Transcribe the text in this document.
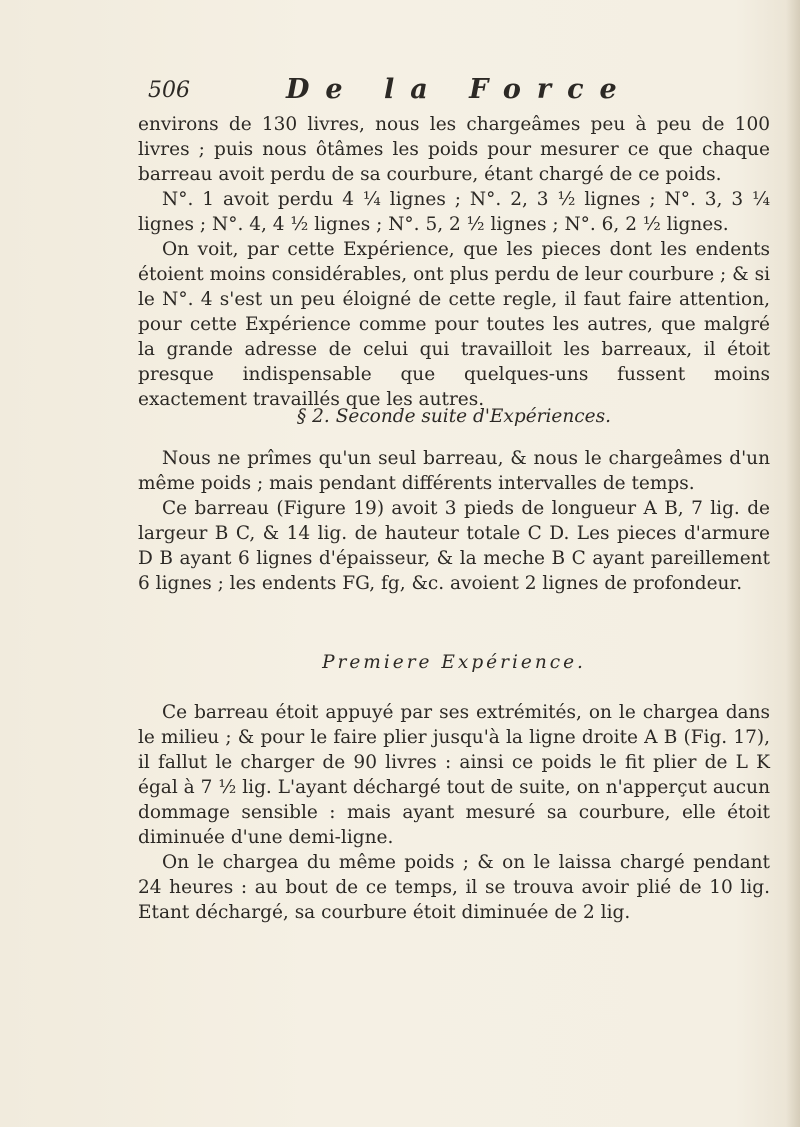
506	De la Force

environs de 130 livres, nous les chargeâmes peu à peu de 100 livres ; puis nous ôtâmes les poids pour mesurer ce que chaque barreau avoit perdu de sa courbure, étant chargé de ce poids.

N°. 1 avoit perdu 4 ¼ lignes ; N°. 2, 3 ½ lignes ; N°. 3, 3 ¼ lignes ; N°. 4, 4 ½ lignes ; N°. 5, 2 ½ lignes ; N°. 6, 2 ½ lignes.

On voit, par cette Expérience, que les pieces dont les endents étoient moins considérables, ont plus perdu de leur courbure ; & si le N°. 4 s'est un peu éloigné de cette regle, il faut faire attention, pour cette Expérience comme pour toutes les autres, que malgré la grande adresse de celui qui travailloit les barreaux, il étoit presque indispensable que quelques-uns fussent moins exactement travaillés que les autres.

§ 2. Seconde suite d'Expériences.

Nous ne prîmes qu'un seul barreau, & nous le chargeâmes d'un même poids ; mais pendant différents intervalles de temps.

Ce barreau (Figure 19) avoit 3 pieds de longueur A B, 7 lig. de largeur B C, & 14 lig. de hauteur totale C D. Les pieces d'armure D B ayant 6 lignes d'épaisseur, & la meche B C ayant pareillement 6 lignes ; les endents FG, fg, &c. avoient 2 lignes de profondeur.

Premiere Expérience.

Ce barreau étoit appuyé par ses extrémités, on le chargea dans le milieu ; & pour le faire plier jusqu'à la ligne droite A B (Fig. 17), il fallut le charger de 90 livres : ainsi ce poids le fit plier de L K égal à 7 ½ lig. L'ayant déchargé tout de suite, on n'apperçut aucun dommage sensible : mais ayant mesuré sa courbure, elle étoit diminuée d'une demi-ligne.

On le chargea du même poids ; & on le laissa chargé pendant 24 heures : au bout de ce temps, il se trouva avoir plié de 10 lig. Etant déchargé, sa courbure étoit diminuée de 2 lig.
